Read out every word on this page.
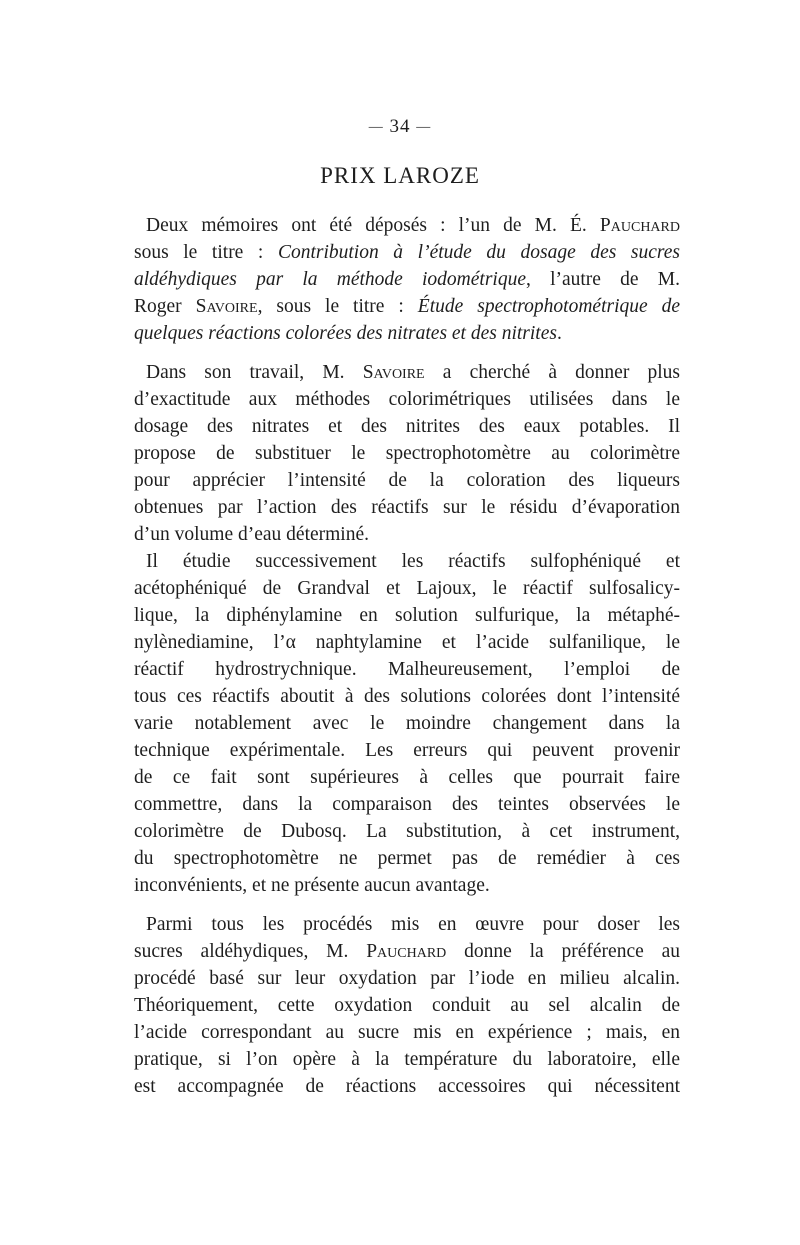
— 34 —
PRIX LAROZE
Deux mémoires ont été déposés : l’un de M. É. Pauchard
sous le titre : Contribution à l’étude du dosage des sucres
aldéhydiques par la méthode iodométrique, l’autre de M.
Roger Savoire, sous le titre : Étude spectrophotométrique de
quelques réactions colorées des nitrates et des nitrites.
Dans son travail, M. Savoire a cherché à donner plus
d’exactitude aux méthodes colorimétriques utilisées dans le
dosage des nitrates et des nitrites des eaux potables. Il
propose de substituer le spectrophotomètre au colorimètre
pour apprécier l’intensité de la coloration des liqueurs
obtenues par l’action des réactifs sur le résidu d’évaporation
d’un volume d’eau déterminé.
Il étudie successivement les réactifs sulfophéniqué et
acétophéniqué de Grandval et Lajoux, le réactif sulfosalicy-
lique, la diphénylamine en solution sulfurique, la métaphé-
nylènediamine, l’α naphtylamine et l’acide sulfanilique, le
réactif hydrostrychnique. Malheureusement, l’emploi de
tous ces réactifs aboutit à des solutions colorées dont l’intensité
varie notablement avec le moindre changement dans la
technique expérimentale. Les erreurs qui peuvent provenir
de ce fait sont supérieures à celles que pourrait faire
commettre, dans la comparaison des teintes observées le
colorimètre de Dubosq. La substitution, à cet instrument,
du spectrophotomètre ne permet pas de remédier à ces
inconvénients, et ne présente aucun avantage.
Parmi tous les procédés mis en œuvre pour doser les
sucres aldéhydiques, M. Pauchard donne la préférence au
procédé basé sur leur oxydation par l’iode en milieu alcalin.
Théoriquement, cette oxydation conduit au sel alcalin de
l’acide correspondant au sucre mis en expérience ; mais, en
pratique, si l’on opère à la température du laboratoire, elle
est accompagnée de réactions accessoires qui nécessitent
